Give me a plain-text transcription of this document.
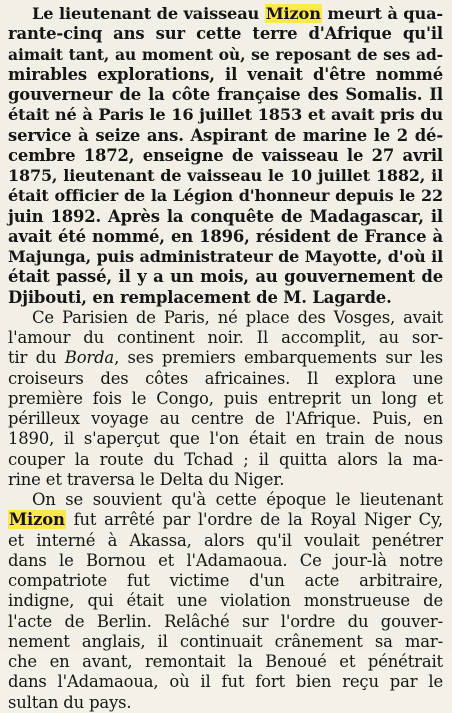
Le lieutenant de vaisseau Mizon meurt à qua-
rante-cinq ans sur cette terre d'Afrique qu'il
aimait tant, au moment où, se reposant de ses ad-
mirables explorations, il venait d'être nommé
gouverneur de la côte française des Somalis. Il
était né à Paris le 16 juillet 1853 et avait pris du
service à seize ans. Aspirant de marine le 2 dé-
cembre 1872, enseigne de vaisseau le 27 avril
1875, lieutenant de vaisseau le 10 juillet 1882, il
était officier de la Légion d'honneur depuis le 22
juin 1892. Après la conquête de Madagascar, il
avait été nommé, en 1896, résident de France à
Majunga, puis administrateur de Mayotte, d'où il
était passé, il y a un mois, au gouvernement de
Djibouti, en remplacement de M. Lagarde.
Ce Parisien de Paris, né place des Vosges, avait
l'amour du continent noir. Il accomplit, au sor-
tir du Borda, ses premiers embarquements sur les
croiseurs des côtes africaines. Il explora une
première fois le Congo, puis entreprit un long et
périlleux voyage au centre de l'Afrique. Puis, en
1890, il s'aperçut que l'on était en train de nous
couper la route du Tchad ; il quitta alors la ma-
rine et traversa le Delta du Niger.
On se souvient qu'à cette époque le lieutenant
Mizon fut arrêté par l'ordre de la Royal Niger Cy,
et interné à Akassa, alors qu'il voulait penétrer
dans le Bornou et l'Adamaoua. Ce jour-là notre
compatriote fut victime d'un acte arbitraire,
indigne, qui était une violation monstrueuse de
l'acte de Berlin. Relâché sur l'ordre du gouver-
nement anglais, il continuait crânement sa mar-
che en avant, remontait la Benoué et pénétrait
dans l'Adamaoua, où il fut fort bien reçu par le
sultan du pays.
